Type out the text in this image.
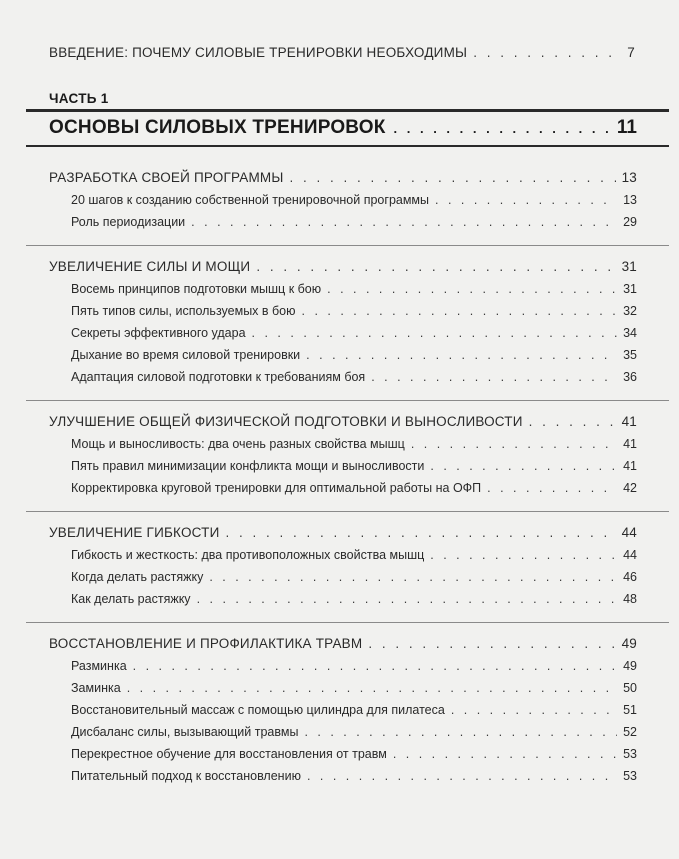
ВВЕДЕНИЕ: ПОЧЕМУ СИЛОВЫЕ ТРЕНИРОВКИ НЕОБХОДИМЫ . . .	7
ЧАСТЬ 1
ОСНОВЫ СИЛОВЫХ ТРЕНИРОВОК . . .	11
РАЗРАБОТКА СВОЕЙ ПРОГРАММЫ . . .	13
20 шагов к созданию собственной тренировочной программы . . .	13
Роль периодизации . . .	29
УВЕЛИЧЕНИЕ СИЛЫ И МОЩИ . . .	31
Восемь принципов подготовки мышц к бою . . .	31
Пять типов силы, используемых в бою . . .	32
Секреты эффективного удара . . .	34
Дыхание во время силовой тренировки . . .	35
Адаптация силовой подготовки к требованиям боя . . .	36
УЛУЧШЕНИЕ ОБЩЕЙ ФИЗИЧЕСКОЙ ПОДГОТОВКИ И ВЫНОСЛИВОСТИ . . .	41
Мощь и выносливость: два очень разных свойства мышц . . .	41
Пять правил минимизации конфликта мощи и выносливости . . .	41
Корректировка круговой тренировки для оптимальной работы на ОФП . . .	42
УВЕЛИЧЕНИЕ ГИБКОСТИ . . .	44
Гибкость и жесткость: два противоположных свойства мышц . . .	44
Когда делать растяжку . . .	46
Как делать растяжку . . .	48
ВОССТАНОВЛЕНИЕ И ПРОФИЛАКТИКА ТРАВМ . . .	49
Разминка . . .	49
Заминка . . .	50
Восстановительный массаж с помощью цилиндра для пилатеса . . .	51
Дисбаланс силы, вызывающий травмы . . .	52
Перекрестное обучение для восстановления от травм . . .	53
Питательный подход к восстановлению . . .	53
